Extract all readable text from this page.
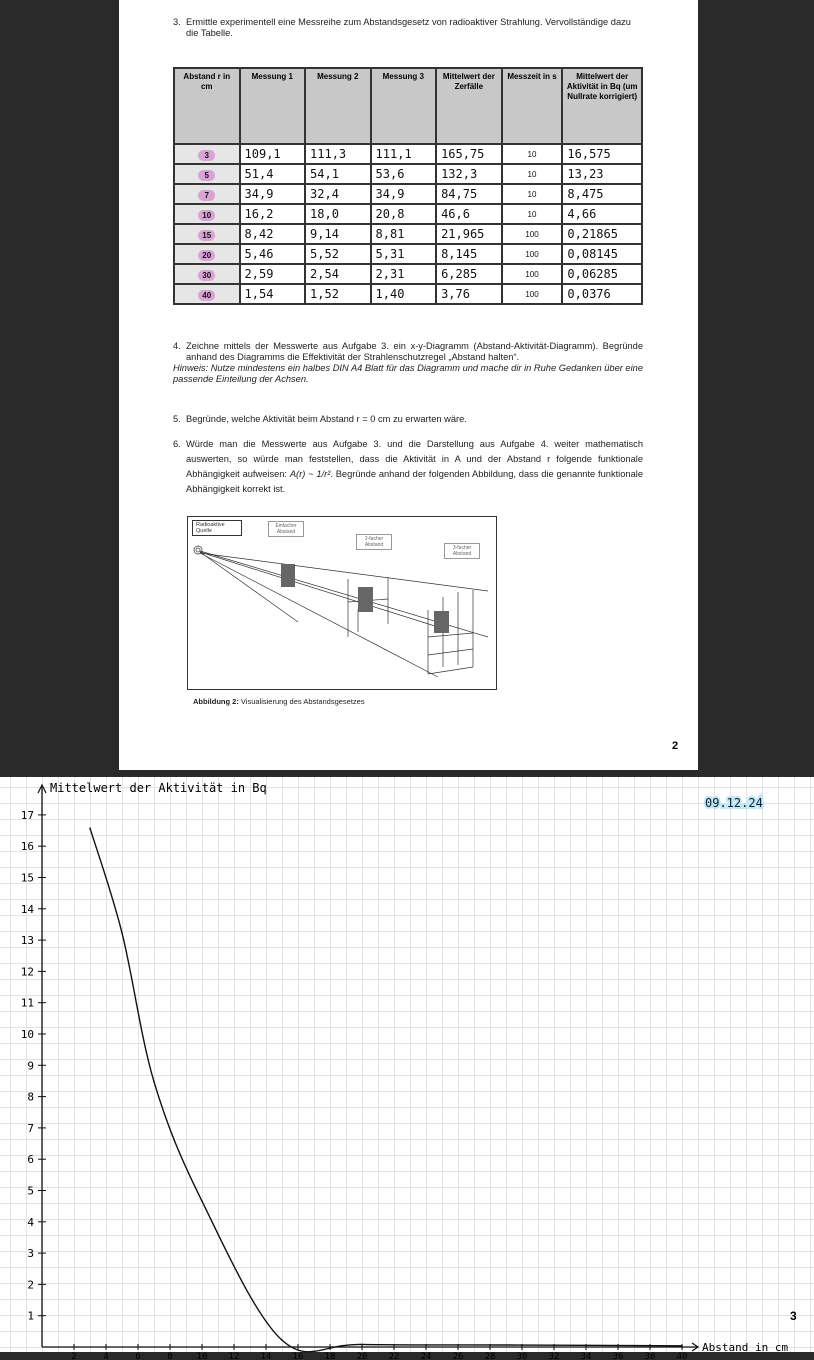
3. Ermittle experimentell eine Messreihe zum Abstandsgesetz von radioaktiver Strahlung. Vervollständige dazu die Tabelle.
Abstand r in cm	Messung 1	Messung 2	Messung 3	Mittelwert der Zerfälle	Messzeit in s	Mittelwert der Aktivität in Bq (um Nullrate korrigiert)
3	109,1	111,3	111,1	165,75	10	16,575
5	51,4	54,1	53,6	132,3	10	13,23
7	34,9	32,4	34,9	84,75	10	8,475
10	16,2	18,0	20,8	46,6	10	4,66
15	8,42	9,14	8,81	21,965	100	0,21865
20	5,46	5,52	5,31	8,145	100	0,08145
30	2,59	2,54	2,31	6,285	100	0,06285
40	1,54	1,52	1,40	3,76	100	0,0376
4. Zeichne mittels der Messwerte aus Aufgabe 3. ein x-y-Diagramm (Abstand-Aktivität-Diagramm). Begründe anhand des Diagramms die Effektivität der Strahlenschutzregel „Abstand halten“.
Hinweis: Nutze mindestens ein halbes DIN A4 Blatt für das Diagramm und mache dir in Ruhe Gedanken über eine passende Einteilung der Achsen.
5. Begründe, welche Aktivität beim Abstand r = 0 cm zu erwarten wäre.
6. Würde man die Messwerte aus Aufgabe 3. und die Darstellung aus Aufgabe 4. weiter mathematisch auswerten, so würde man feststellen, dass die Aktivität in A und der Abstand r folgende funktionale Abhängigkeit aufweisen: A(r) ~ 1/r². Begründe anhand der folgenden Abbildung, dass die genannte funktionale Abhängigkeit korrekt ist.
Radioaktive Quelle
Einfacher Abstand
2-facher Abstand	3-facher Abstand
Abbildung 2: Visualisierung des Abstandsgesetzes
2
1
2
3
4
5
6
7
8
9
10
11
12
13
14
15
16
17
2	4	6	8	10 12 14 16 18 20 22 24 26 28 30 32 34 36 38 40
Mittelwert der Aktivität in Bq
Abstand in cm
09.12.24
3
